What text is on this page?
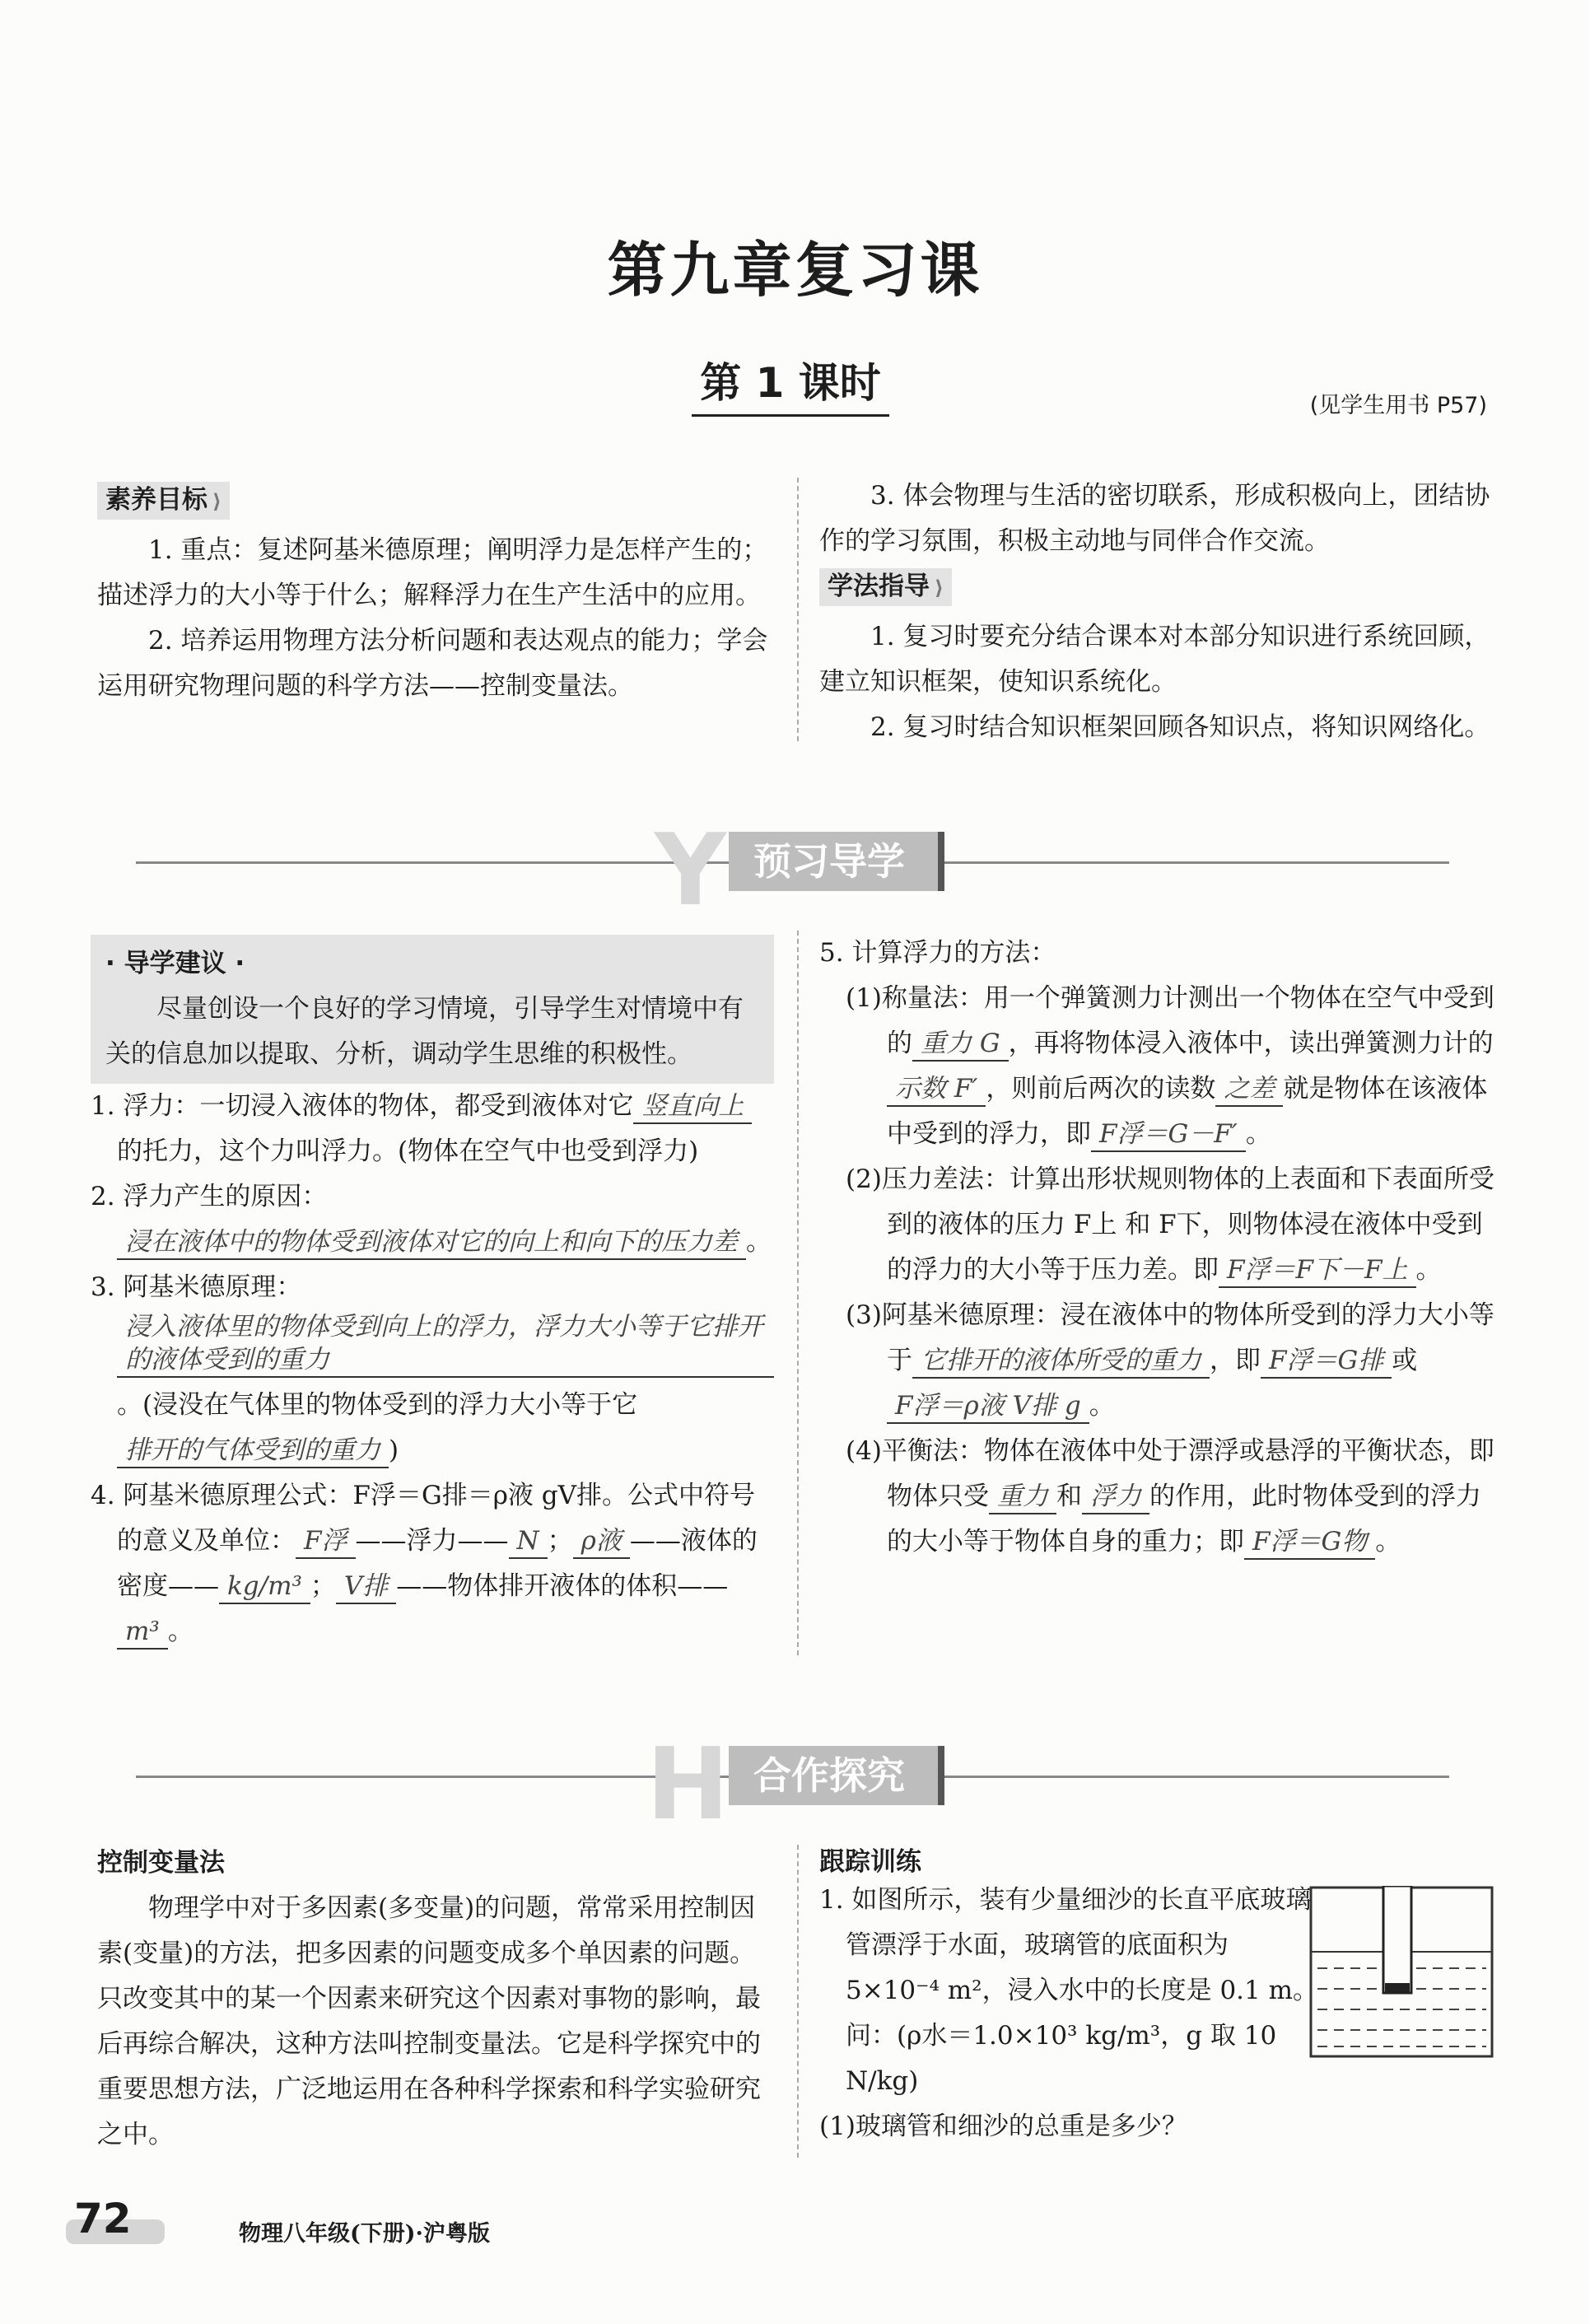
第九章复习课
第 1 课时	(见学生用书 P57)
素养目标 ⟩

1. 重点：复述阿基米德原理；阐明浮力是怎样产生的；描述浮力的大小等于什么；解释浮力在生产生活中的应用。

2. 培养运用物理方法分析问题和表达观点的能力；学会运用研究物理问题的科学方法——控制变量法。

3. 体会物理与生活的密切联系，形成积极向上，团结协作的学习氛围，积极主动地与同伴合作交流。

学法指导 ⟩

1. 复习时要充分结合课本对本部分知识进行系统回顾，建立知识框架，使知识系统化。

2. 复习时结合知识框架回顾各知识点，将知识网络化。

Y 预习导学
· 导学建议 ·
尽量创设一个良好的学习情境，引导学生对情境中有关的信息加以提取、分析，调动学生思维的积极性。

1. 浮力：一切浸入液体的物体，都受到液体对它 竖直向上的托力，这个力叫浮力。(物体在空气中也受到浮力)

2. 浮力产生的原因：浸在液体中的物体受到液体对它的向上和向下的压力差 。

3. 阿基米德原理：浸入液体里的物体受到向上的浮力，浮力大小等于它排开的液体受到的重力。(浸没在气体里的物体受到的浮力大小等于它排开的气体受到的重力 )

4. 阿基米德原理公式：F浮＝G排＝ρ液 gV排。公式中符号的意义及单位： F浮 ——浮力—— N ； ρ液 ——液体的密度—— kg/m³ ； V排 ——物体排开液体的体积——m³ 。

5. 计算浮力的方法：

(1)称量法：用一个弹簧测力计测出一个物体在空气中受到的 重力 G ，再将物体浸入液体中，读出弹簧测力计的示数 F′ ，则前后两次的读数 之差 就是物体在该液体中受到的浮力，即 F浮＝G－F′ 。

(2)压力差法：计算出形状规则物体的上表面和下表面所受到的液体的压力 F上 和 F下，则物体浸在液体中受到的浮力的大小等于压力差。即 F浮＝F下－F上 。

(3)阿基米德原理：浸在液体中的物体所受到的浮力大小等于 它排开的液体所受的重力 ，即 F浮＝G排 或F浮＝ρ液 V排 g 。

(4)平衡法：物体在液体中处于漂浮或悬浮的平衡状态，即物体只受 重力 和 浮力 的作用，此时物体受到的浮力的大小等于物体自身的重力；即 F浮＝G物 。

H 合作探究
控制变量法

物理学中对于多因素(多变量)的问题，常常采用控制因素(变量)的方法，把多因素的问题变成多个单因素的问题。只改变其中的某一个因素来研究这个因素对事物的影响，最后再综合解决，这种方法叫控制变量法。它是科学探究中的重要思想方法，广泛地运用在各种科学探索和科学实验研究之中。

跟踪训练

1. 如图所示，装有少量细沙的长直平底玻璃管漂浮于水面，玻璃管的底面积为 5×10⁻⁴ m²，浸入水中的长度是 0.1 m。问：(ρ水＝1.0×10³ kg/m³，g 取 10 N/kg)

(1)玻璃管和细沙的总重是多少？

72	物理八年级(下册)·沪粤版
